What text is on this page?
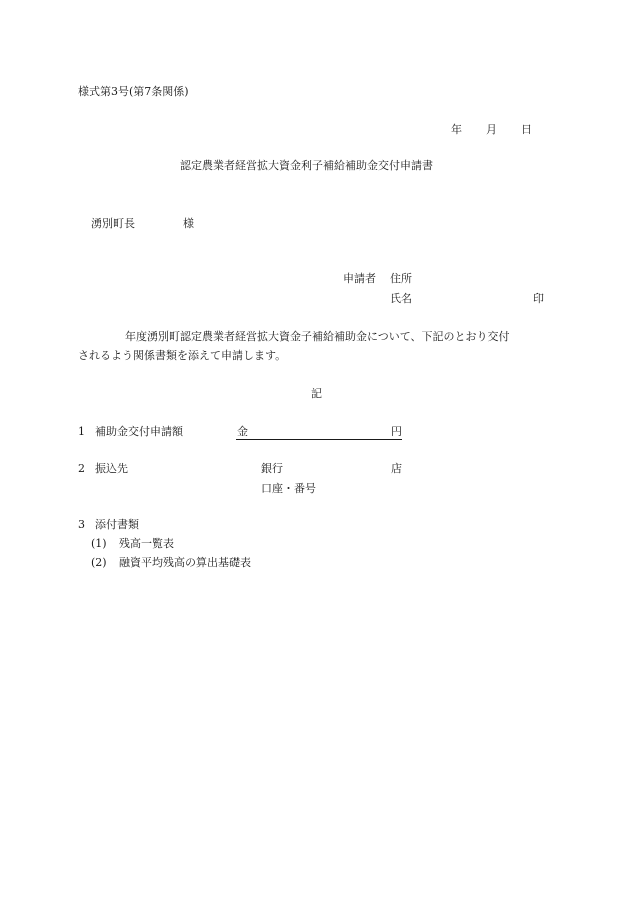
様式第3号(第7条関係)
年 月 日
認定農業者経営拡大資金利子補給補助金交付申請書
湧別町長	様
申請者 住所
氏名	印
年度湧別町認定農業者経営拡大資金子補給補助金について、下記のとおり交付
されるよう関係書類を添えて申請します。
記
1 補助金交付申請額	金	円
2 振込先	銀行	店
口座・番号
3 添付書類
(1) 残高一覧表
(2) 融資平均残高の算出基礎表
